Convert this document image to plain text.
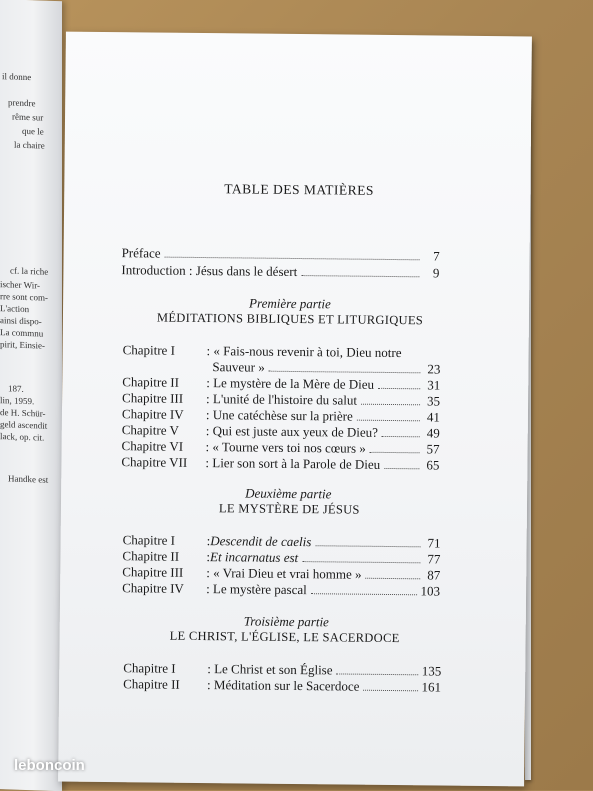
il donne
prendre
rême sur
que le
la chaire
cf. la riche
ischer Wir-
rre sont com-
L'action
ainsi dispo-
La commnu
pirit, Einsie-
187.
lin, 1959.
de H. Schür-
geld ascendit
lack, op. cit.
Handke est
TABLE DES MATIÈRES
Préface	7
Introduction : Jésus dans le désert	9
Première partie
MÉDITATIONS BIBLIQUES ET LITURGIQUES
Chapitre I	: « Fais-nous revenir à toi, Dieu notre
Sauveur »	23
Chapitre II	: Le mystère de la Mère de Dieu	31
Chapitre III	: L'unité de l'histoire du salut	35
Chapitre IV	: Une catéchèse sur la prière	41
Chapitre V	: Qui est juste aux yeux de Dieu?	49
Chapitre VI	: « Tourne vers toi nos cœurs »	57
Chapitre VII	: Lier son sort à la Parole de Dieu	65
Deuxième partie
LE MYSTÈRE DE JÉSUS
Chapitre I	: Descendit de caelis	71
Chapitre II	: Et incarnatus est	77
Chapitre III	: « Vrai Dieu et vrai homme »	87
Chapitre IV	: Le mystère pascal	103
Troisième partie
LE CHRIST, L'ÉGLISE, LE SACERDOCE
Chapitre I	: Le Christ et son Église	135
Chapitre II	: Méditation sur le Sacerdoce	161
leboncoin
